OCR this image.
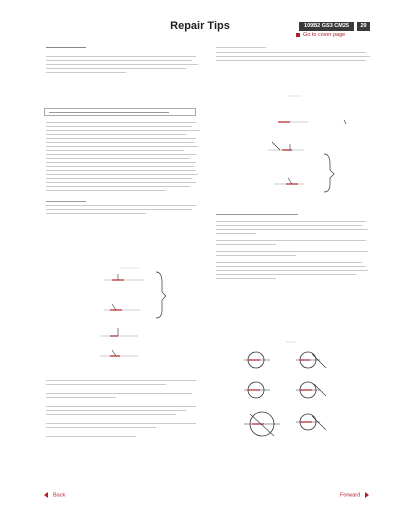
Repair Tips	109B2 GS3 CM25	29
Go to cover page
Back	Forward
